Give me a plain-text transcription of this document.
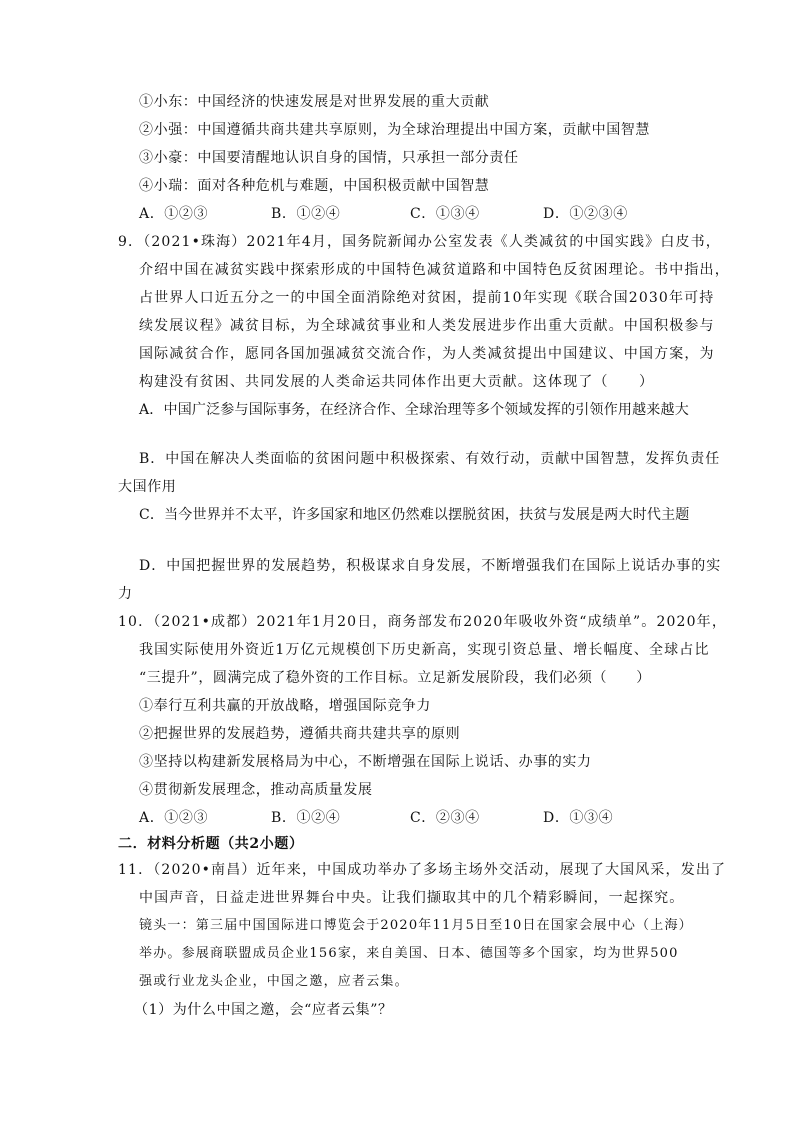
①小东：中国经济的快速发展是对世界发展的重大贡献
②小强：中国遵循共商共建共享原则，为全球治理提出中国方案，贡献中国智慧
③小豪：中国要清醒地认识自身的国情，只承担一部分责任
④小瑞：面对各种危机与难题，中国积极贡献中国智慧
A．①②③	B．①②④	C．①③④	D．①②③④
9．（2021•珠海）2021年4月，国务院新闻办公室发表《人类减贫的中国实践》白皮书，
介绍中国在减贫实践中探索形成的中国特色减贫道路和中国特色反贫困理论。书中指出，
占世界人口近五分之一的中国全面消除绝对贫困，提前10年实现《联合国2030年可持
续发展议程》减贫目标，为全球减贫事业和人类发展进步作出重大贡献。中国积极参与
国际减贫合作，愿同各国加强减贫交流合作，为人类减贫提出中国建议、中国方案，为
构建没有贫困、共同发展的人类命运共同体作出更大贡献。这体现了（　　）
A．中国广泛参与国际事务，在经济合作、全球治理等多个领域发挥的引领作用越来越大
B．中国在解决人类面临的贫困问题中积极探索、有效行动，贡献中国智慧，发挥负责任
大国作用
C．当今世界并不太平，许多国家和地区仍然难以摆脱贫困，扶贫与发展是两大时代主题
D．中国把握世界的发展趋势，积极谋求自身发展，不断增强我们在国际上说话办事的实
力
10．（2021•成都）2021年1月20日，商务部发布2020年吸收外资“成绩单”。2020年，
我国实际使用外资近1万亿元规模创下历史新高，实现引资总量、增长幅度、全球占比
“三提升”，圆满完成了稳外资的工作目标。立足新发展阶段，我们必须（　　）
①奉行互利共赢的开放战略，增强国际竞争力
②把握世界的发展趋势，遵循共商共建共享的原则
③坚持以构建新发展格局为中心，不断增强在国际上说话、办事的实力
④贯彻新发展理念，推动高质量发展
A．①②③	B．①②④	C．②③④	D．①③④
二．材料分析题（共2小题）
11．（2020•南昌）近年来，中国成功举办了多场主场外交活动，展现了大国风采，发出了
中国声音，日益走进世界舞台中央。让我们撷取其中的几个精彩瞬间，一起探究。
镜头一：第三届中国国际进口博览会于2020年11月5日至10日在国家会展中心（上海）
举办。参展商联盟成员企业156家，来自美国、日本、德国等多个国家，均为世界500
强或行业龙头企业，中国之邀，应者云集。
（1）为什么中国之邀，会“应者云集”？
